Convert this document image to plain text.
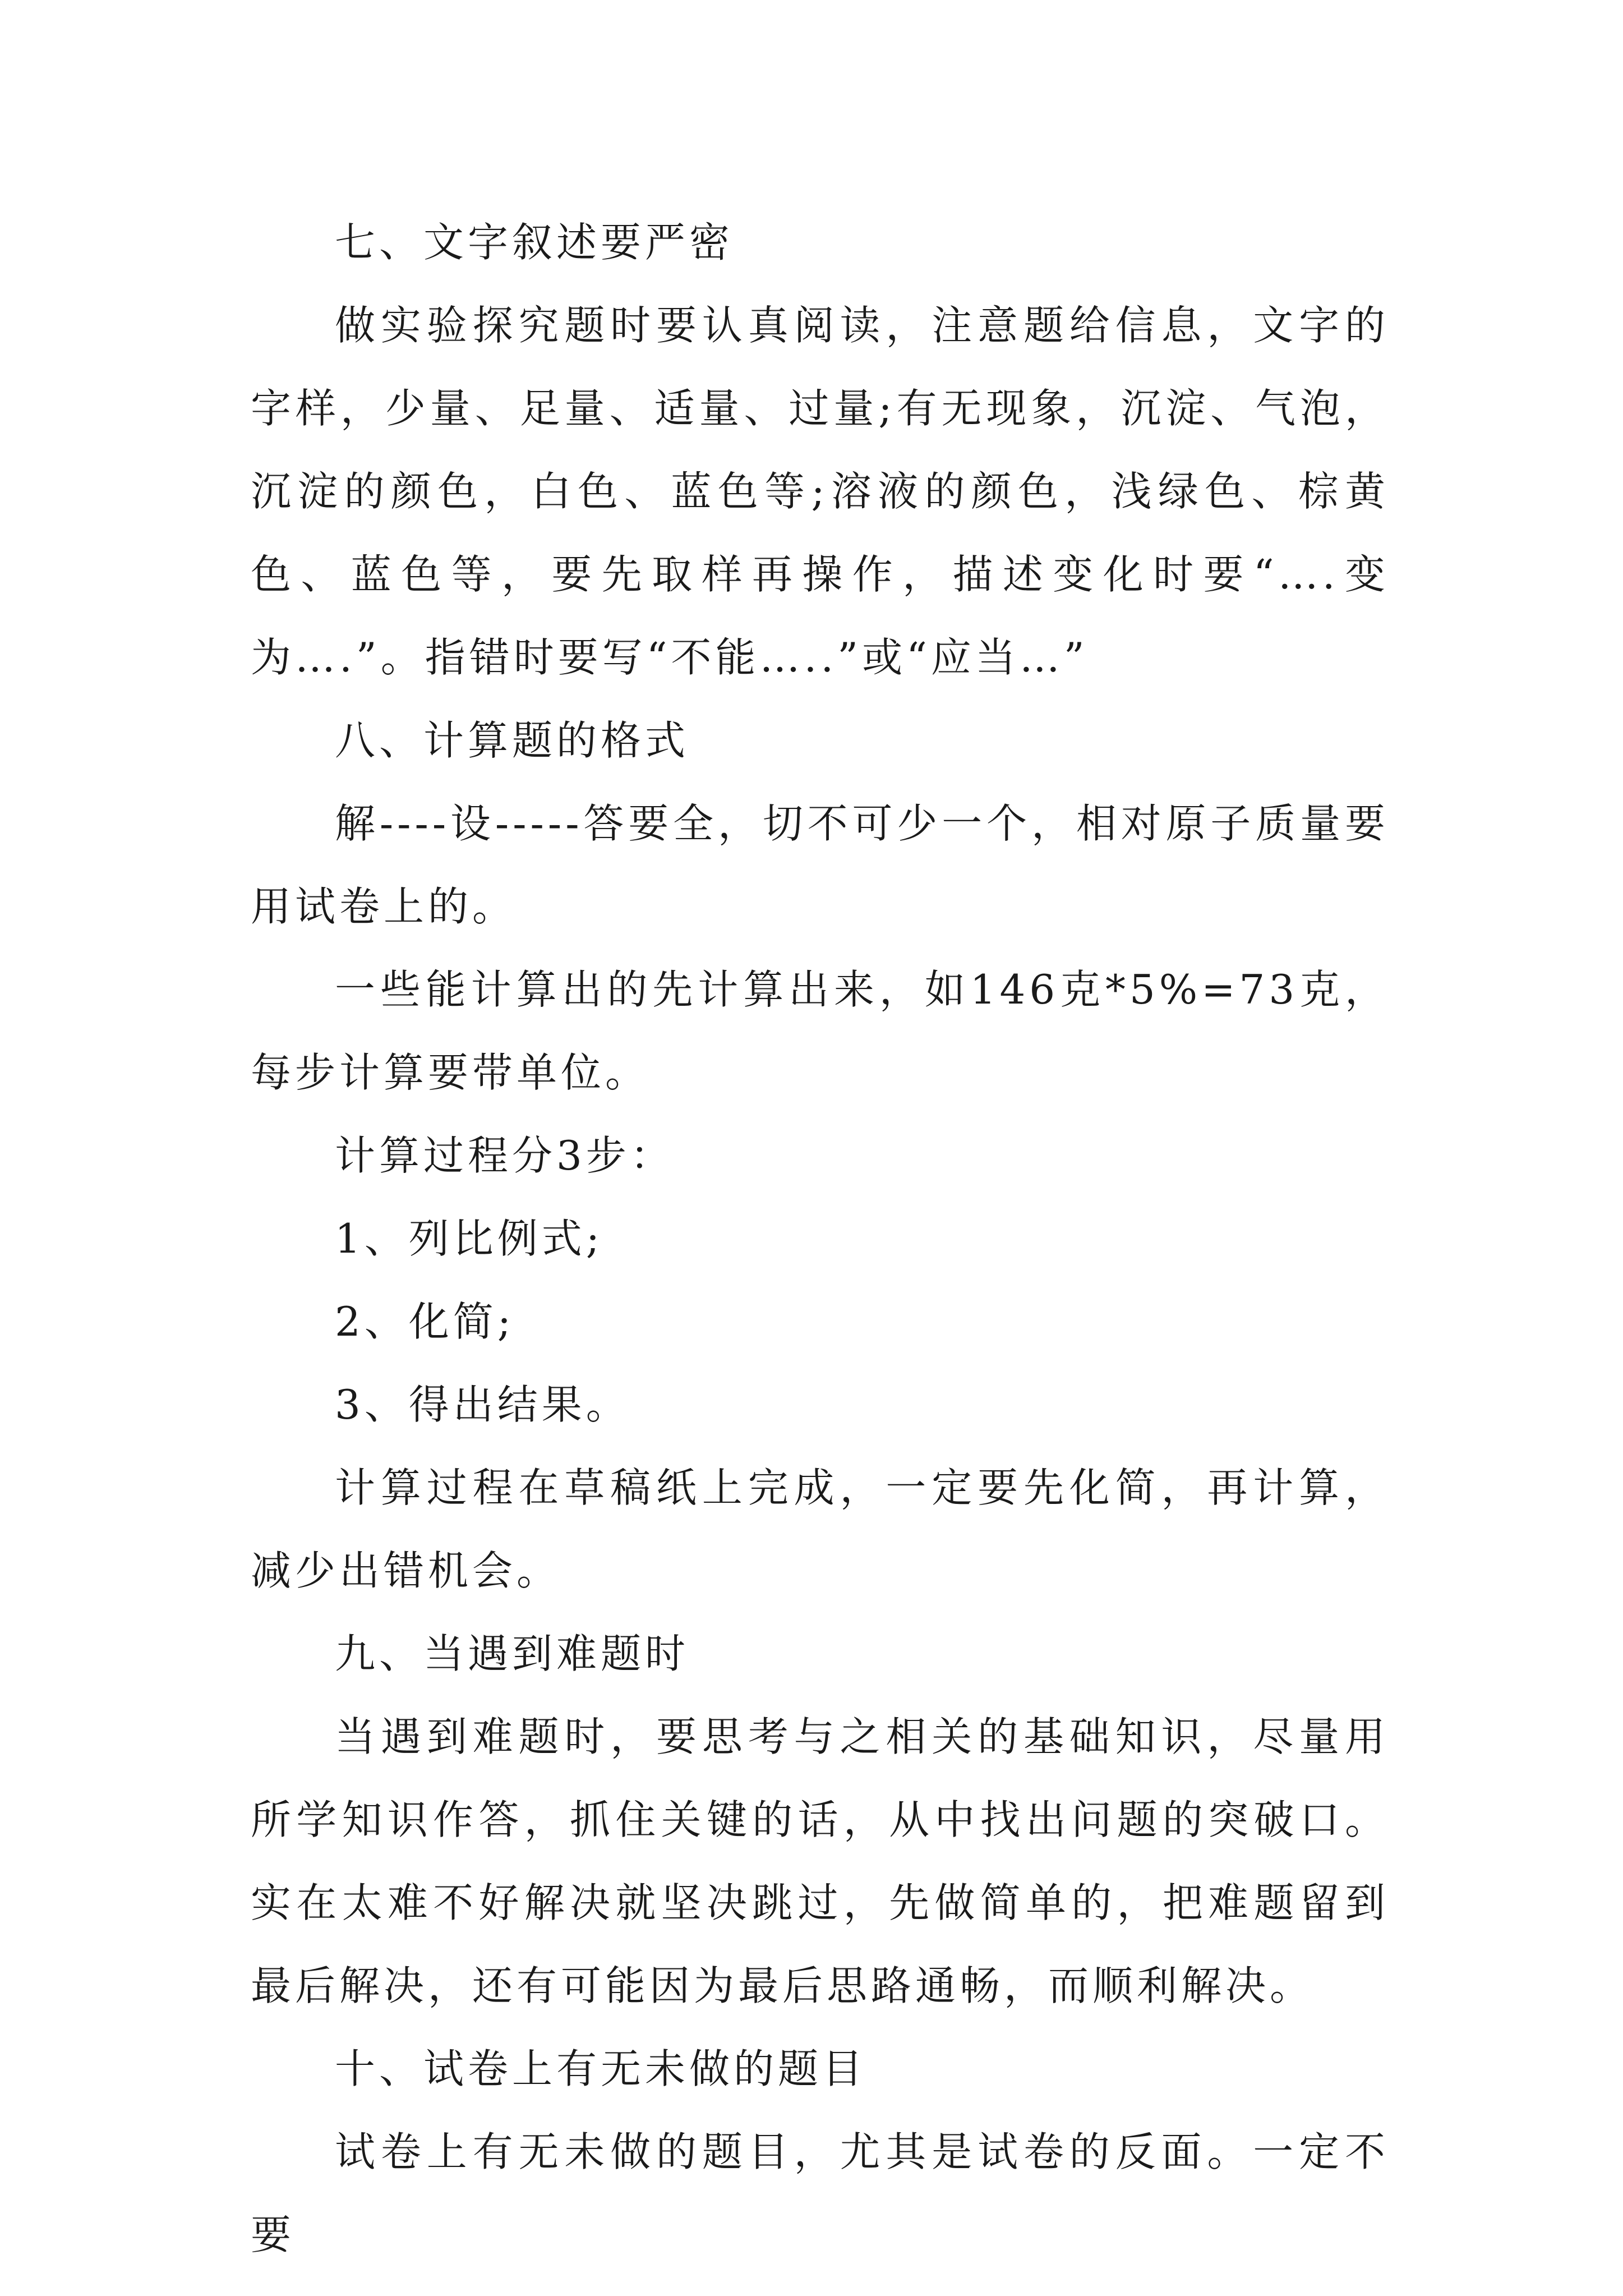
七、文字叙述要严密

做实验探究题时要认真阅读，注意题给信息，文字的字样，少量、足量、适量、过量;有无现象，沉淀、气泡，沉淀的颜色，白色、蓝色等;溶液的颜色，浅绿色、棕黄色、蓝色等，要先取样再操作，描述变化时要“….变为….”。指错时要写“不能…..”或“应当…”

八、计算题的格式

解----设-----答要全，切不可少一个，相对原子质量要用试卷上的。

一些能计算出的先计算出来，如146克*5%=73克，每步计算要带单位。

计算过程分3步：

1、列比例式;

2、化简;

3、得出结果。

计算过程在草稿纸上完成，一定要先化简，再计算，减少出错机会。

九、当遇到难题时

当遇到难题时，要思考与之相关的基础知识，尽量用所学知识作答，抓住关键的话，从中找出问题的突破口。实在太难不好解决就坚决跳过，先做简单的，把难题留到最后解决，还有可能因为最后思路通畅，而顺利解决。

十、试卷上有无未做的题目

试卷上有无未做的题目，尤其是试卷的反面。一定不要
